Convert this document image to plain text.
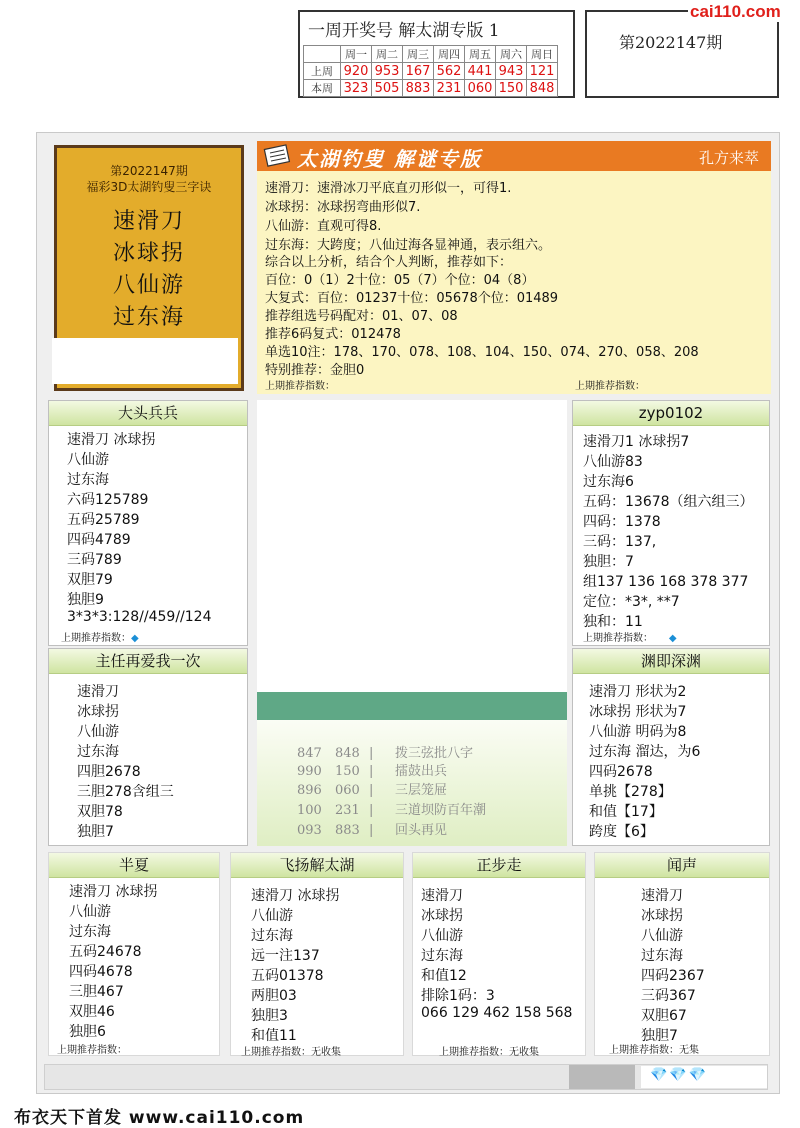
一周开奖号 解太湖专版 1
	周一	周二	周三	周四	周五	周六	周日
上周	920	953	167	562	441	943	121
本周	323	505	883	231	060	150	848
第2022147期
cai110.com
第2022147期
福彩3D太湖钓叟三字诀
速滑刀
冰球拐
八仙游
过东海
太湖钓叟 解谜专版	孔方来萃
速滑刀：速滑冰刀平底直刃形似一，可得1.
冰球拐：冰球拐弯曲形似7.
八仙游：直观可得8.
过东海：大跨度；八仙过海各显神通，表示组六。
综合以上分析，结合个人判断，推荐如下：
百位：0（1）2十位：05（7）个位：04（8）
大复式：百位：01237十位：05678个位：01489
推荐组选号码配对：01、07、08
推荐6码复式：012478
单选10注：178、170、078、108、104、150、074、270、058、208
特别推荐：金胆0
上期推荐指数：	上期推荐指数：
大头兵兵
速滑刀 冰球拐
八仙游
过东海
六码125789
五码25789
四码4789
三码789
双胆79
独胆9
3*3*3:128//459//124
上期推荐指数：◆
主任再爱我一次
速滑刀
冰球拐
八仙游
过东海
四胆2678
三胆278含组三
双胆78
独胆7
847 848 | 拨三弦批八字
990 150 | 擂鼓出兵
896 060 | 三层笼屉
100 231 | 三道坝防百年潮
093 883 | 回头再见
zyp0102
速滑刀1 冰球拐7
八仙游83
过东海6
五码：13678（组六组三）
四码：1378
三码：137,
独胆：7
组137 136 168 378 377
定位：*3*, **7
独和：11
上期推荐指数： ◆
渊即深渊
速滑刀 形状为2
冰球拐 形状为7
八仙游 明码为8
过东海 溜达，为6
四码2678
单挑【278】
和值【17】
跨度【6】
半夏
速滑刀 冰球拐
八仙游
过东海
五码24678
四码4678
三胆467
双胆46
独胆6
上期推荐指数：
飞扬解太湖
速滑刀 冰球拐
八仙游
过东海
远一注137
五码01378
两胆03
独胆3
和值11
上期推荐指数：无收集
正步走
速滑刀
冰球拐
八仙游
过东海
和值12
排除1码：3
066 129 462 158 568
上期推荐指数：无收集
闻声
速滑刀
冰球拐
八仙游
过东海
四码2367
三码367
双胆67
独胆7
上期推荐指数：无集
💎💎💎
布衣天下首发 www.cai110.com
